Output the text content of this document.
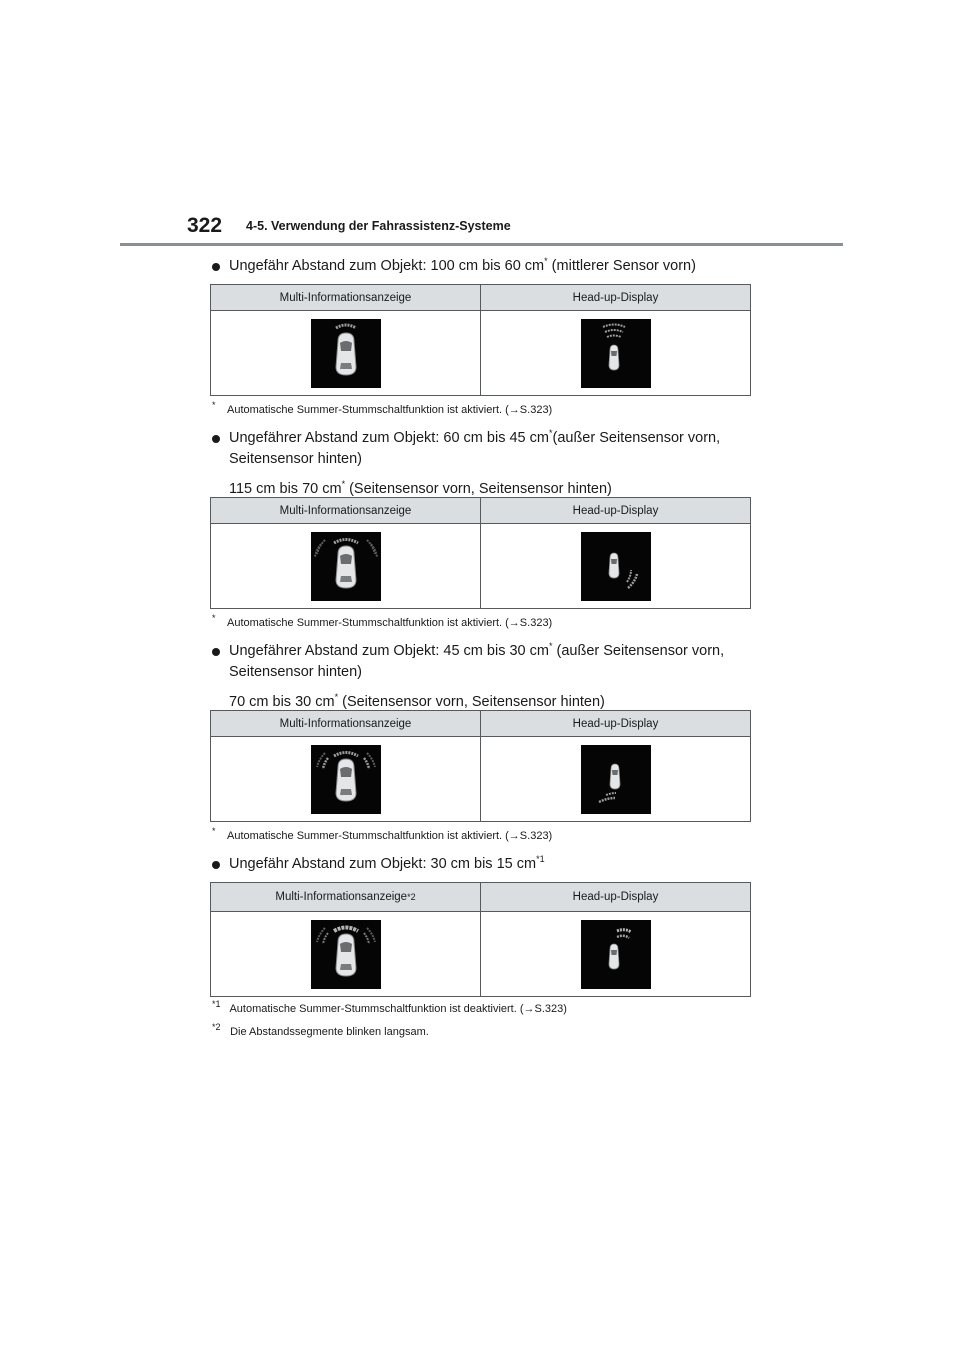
322 4-5. Verwendung der Fahrassistenz-Systeme
Ungefähr Abstand zum Objekt: 100 cm bis 60 cm* (mittlerer Sensor vorn)
Multi-Informationsanzeige	Head-up-Display
* Automatische Summer-Stummschaltfunktion ist aktiviert. (→S.323)
Ungefährer Abstand zum Objekt: 60 cm bis 45 cm*(außer Seitensensor vorn,
Seitensensor hinten)
115 cm bis 70 cm* (Seitensensor vorn, Seitensensor hinten)
Multi-Informationsanzeige	Head-up-Display
* Automatische Summer-Stummschaltfunktion ist aktiviert. (→S.323)
Ungefährer Abstand zum Objekt: 45 cm bis 30 cm* (außer Seitensensor vorn,
Seitensensor hinten)
70 cm bis 30 cm* (Seitensensor vorn, Seitensensor hinten)
Multi-Informationsanzeige	Head-up-Display
* Automatische Summer-Stummschaltfunktion ist aktiviert. (→S.323)
Ungefähr Abstand zum Objekt: 30 cm bis 15 $cm^{*1}$
Multi-Informationsanzeige *2	Head-up-Display
$^{*1}$ Automatische Summer-Stummschaltfunktion ist deaktiviert. (→S.323)
$^{*2}$ Die Abstandssegmente blinken langsam.
